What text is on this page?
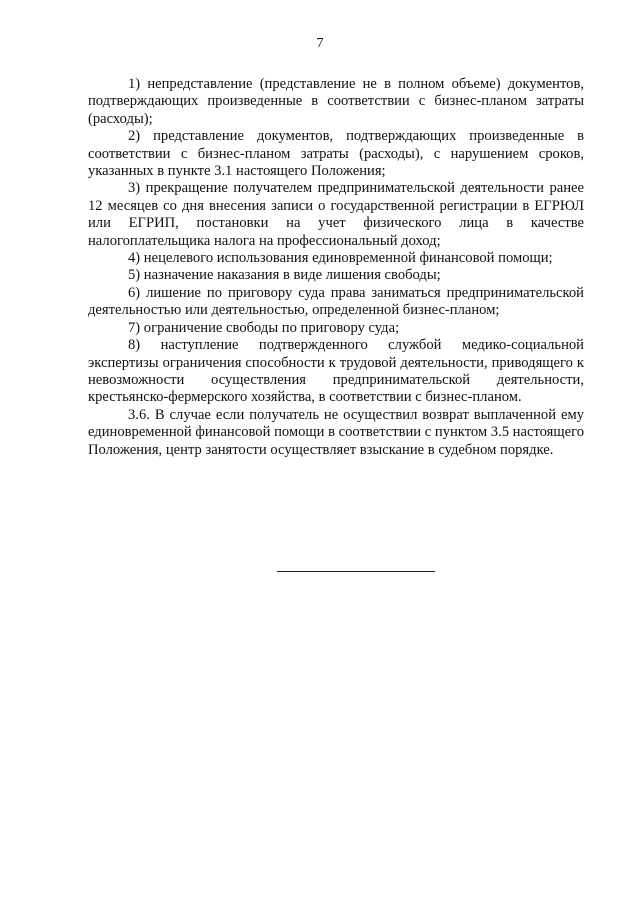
7

1) непредставление (представление не в полном объеме) документов, подтверждающих произведенные в соответствии с бизнес-планом затраты (расходы);

2) представление документов, подтверждающих произведенные в соответствии с бизнес-планом затраты (расходы), с нарушением сроков, указанных в пункте 3.1 настоящего Положения;

3) прекращение получателем предпринимательской деятельности ранее 12 месяцев со дня внесения записи о государственной регистрации в ЕГРЮЛ или ЕГРИП, постановки на учет физического лица в качестве налогоплательщика налога на профессиональный доход;

4) нецелевого использования единовременной финансовой помощи;

5) назначение наказания в виде лишения свободы;

6) лишение по приговору суда права заниматься предпринимательской деятельностью или деятельностью, определенной бизнес-планом;

7) ограничение свободы по приговору суда;

8) наступление подтвержденного службой медико-социальной экспертизы ограничения способности к трудовой деятельности, приводящего к невозможности осуществления предпринимательской деятельности, крестьянско-фермерского хозяйства, в соответствии с бизнес-планом.

3.6. В случае если получатель не осуществил возврат выплаченной ему единовременной финансовой помощи в соответствии с пунктом 3.5 настоящего Положения, центр занятости осуществляет взыскание в судебном порядке.
